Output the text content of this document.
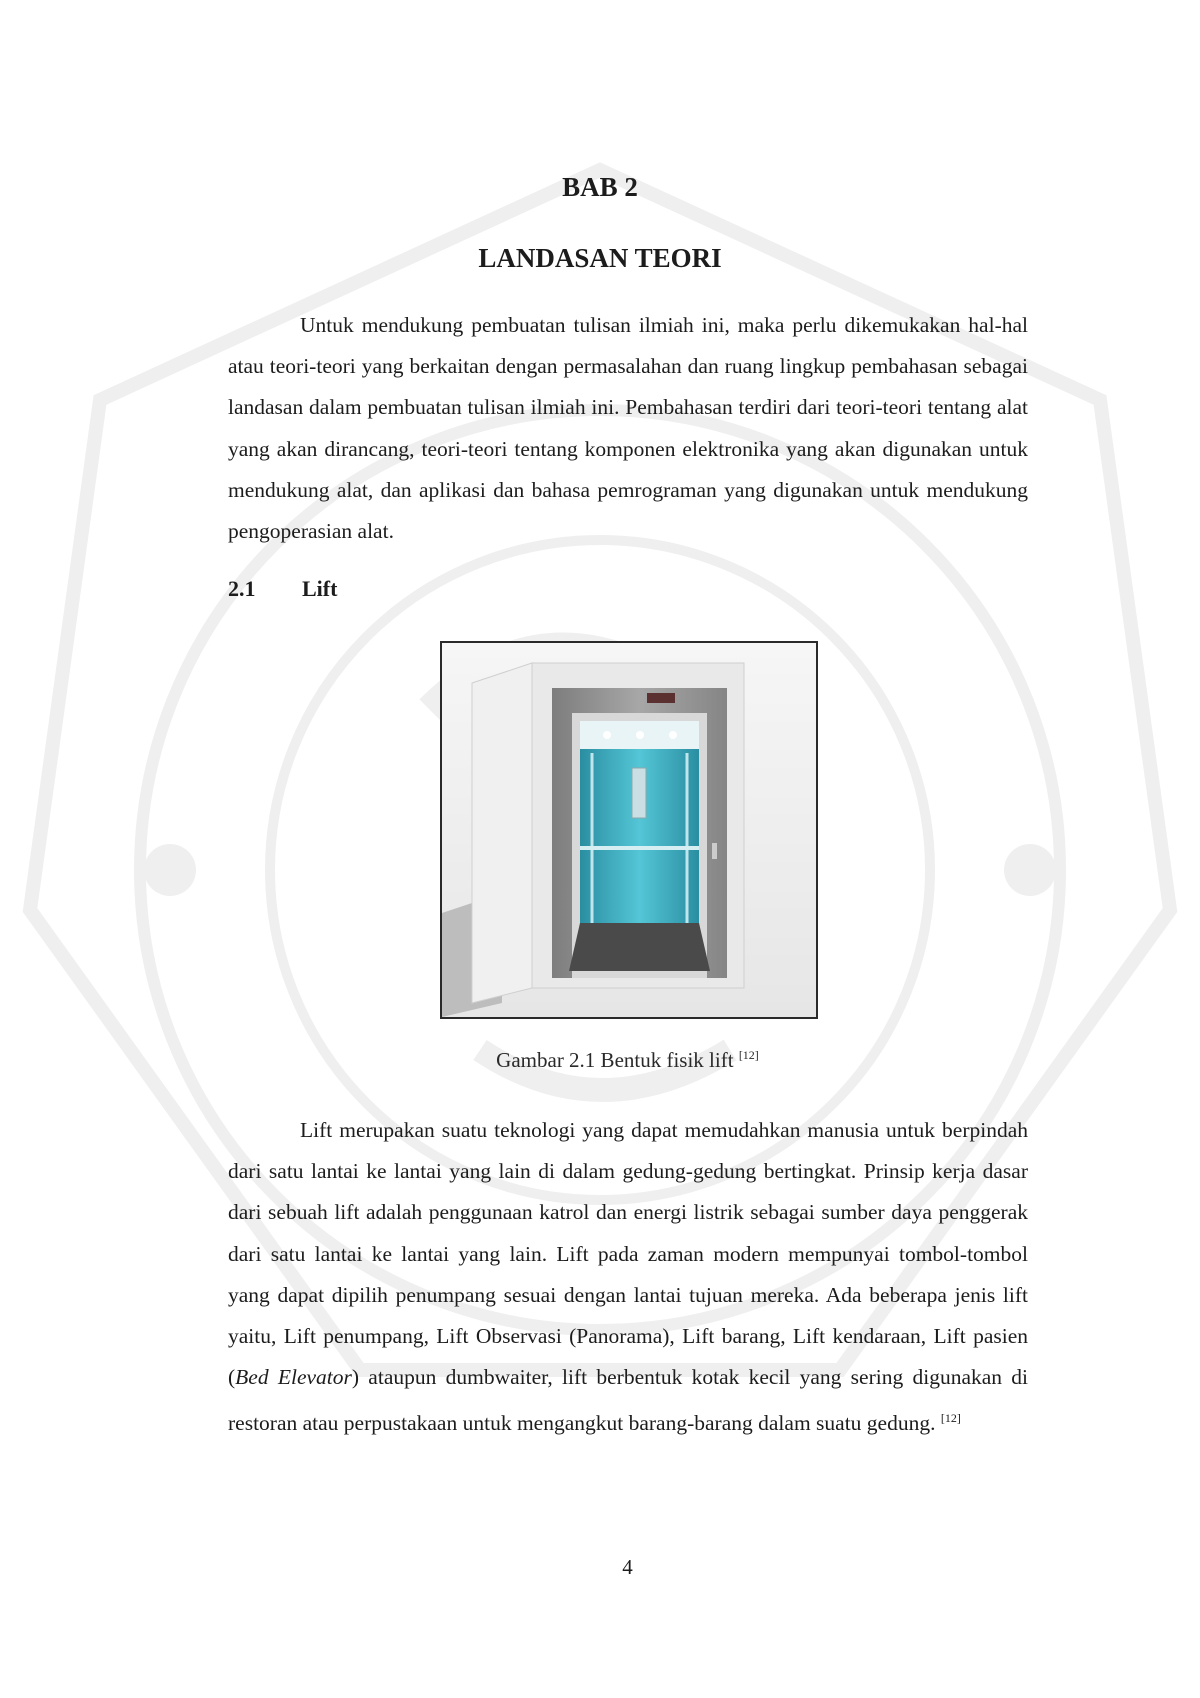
BAB 2
LANDASAN TEORI

Untuk mendukung pembuatan tulisan ilmiah ini, maka perlu dikemukakan hal-hal atau teori-teori yang berkaitan dengan permasalahan dan ruang lingkup pembahasan sebagai landasan dalam pembuatan tulisan ilmiah ini. Pembahasan terdiri dari teori-teori tentang alat yang akan dirancang, teori-teori tentang komponen elektronika yang akan digunakan untuk mendukung alat, dan aplikasi dan bahasa pemrograman yang digunakan untuk mendukung pengoperasian alat.

2.1 Lift
Gambar 2.1 Bentuk fisik lift [12]

Lift merupakan suatu teknologi yang dapat memudahkan manusia untuk berpindah dari satu lantai ke lantai yang lain di dalam gedung-gedung bertingkat. Prinsip kerja dasar dari sebuah lift adalah penggunaan katrol dan energi listrik sebagai sumber daya penggerak dari satu lantai ke lantai yang lain. Lift pada zaman modern mempunyai tombol-tombol yang dapat dipilih penumpang sesuai dengan lantai tujuan mereka. Ada beberapa jenis lift yaitu, Lift penumpang, Lift Observasi (Panorama), Lift barang, Lift kendaraan, Lift pasien (Bed Elevator) ataupun dumbwaiter, lift berbentuk kotak kecil yang sering digunakan di restoran atau perpustakaan untuk mengangkut barang-barang dalam suatu gedung. [12]

4
